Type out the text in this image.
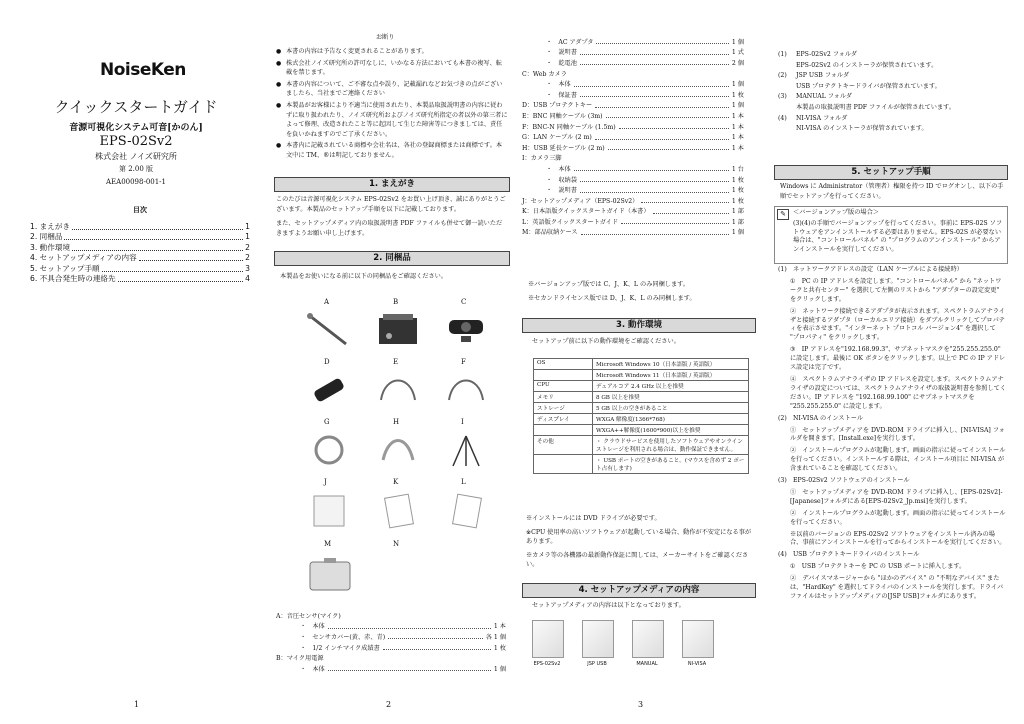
NoiseKen
クイックスタートガイド
音源可視化システム可音[かのん]
EPS-02Sv2
株式会社 ノイズ研究所
第 2.00 版
AEA00098-001-1
目次
1. まえがき	1
2. 同梱品	1
3. 動作環境	2
4. セットアップメディアの内容	2
5. セットアップ手順	3
6. 不具合発生時の連絡先	4
1
お断り
● 本書の内容は予告なく変更されることがあります。
● 株式会社ノイズ研究所の許可なしに、いかなる方法においても本書の複写、転載を禁じます。
● 本書の内容について、ご不審な点や誤り、記載漏れなどお気づきの点がございましたら、当社までご連絡ください
● 本製品がお客様により不適当に使用されたり、本製品取扱説明書の内容に従わずに取り扱われたり、ノイズ研究所およびノイズ研究所指定の者以外の第三者によって修理、改造されたこと等に起因して生じた障害等につきましては、責任を負いかねますのでご了承ください。
● 本書内に記載されている商標や会社名は、各社の登録商標または商標です。本文中に TM、®は明記しておりません。
1. まえがき
このたびは音源可視化システム EPS-02Sv2 をお買い上げ頂き、誠にありがとうございます。本製品のセットアップ手順を以下に記載しております。
また、セットアップメディア内の取扱説明書 PDF ファイルも併せて御一読いただきますようお願い申し上げます。
2. 同梱品
本製品をお使いになる前に以下の同梱品をご確認ください。
A	B	C
D	E	F
G	H	I
J	K	L
M	N
A：音圧センサ(マイク)
・　本体	1 本
・　センサカバー(黄、赤、青)	各 1 個
・　1/2 インチマイク成績書	1 枚
B：マイク用電源
・　本体	1 個
2
・　AC アダプタ	1 個
・　説明書	1 式
・　乾電池	2 個
C：Web カメラ
・　本体	1 個
・　保証書	1 枚
D：USB プロテクトキー	1 個
E：BNC 同軸ケーブル (3m)	1 本
F：BNC-N 同軸ケーブル (1.5m)	1 本
G：LAN ケーブル (2 m)	1 本
H：USB 延長ケーブル (2 m)	1 本
I：カメラ三脚
・　本体	1 台
・　収納袋	1 枚
・　説明書	1 枚
J：セットアップメディア（EPS-02Sv2）	1 枚
K：日本語版クイックスタートガイド（本書）	1 部
L：英語版クイックスタートガイド	1 部
M：部品収納ケース	1 個
※バージョンアップ版では C、J、K、L のみ同梱します。
※セカンドライセンス版では D、J、K、L のみ同梱します。
3. 動作環境
セットアップ前に以下の動作環境をご確認ください。
OS	Microsoft Windows 10（日本語版 / 英語版）
	Microsoft Windows 11（日本語版 / 英語版）
CPU	デュアルコア 2.4 GHz 以上を推奨
メモリ	8 GB 以上を推奨
ストレージ	5 GB 以上の空きがあること
ディスプレイ	WXGA 解像度(1366*768)
	WXGA++解像度(1600*900)以上を推奨
その他	・ クラウドサービスを使用したソフトウェアやオンラインストレージを利用される場合は、動作保証できません。
	・ USB ポートの空きがあること。(マウスを含めず 2 ポート占有します)
※インストールには DVD ドライブが必要です。
※CPU 使用率の高いソフトウェアが起動している場合、動作が不安定になる事があります。
※カメラ等の各機器の最新動作保証に関しては、メーカーサイトをご確認ください。
4. セットアップメディアの内容
セットアップメディアの内容は以下となっております。
EPS-02Sv2	JSP USB	MANUAL	NI-VISA
3
(1)	EPS-02Sv2 フォルダ
EPS-02Sv2 のインストーラが保管されています。
(2)	JSP USB フォルダ
USB プロテクトキードライバが保管されています。
(3)	MANUAL フォルダ
本製品の取扱説明書 PDF ファイルが保管されています。
(4)	NI-VISA フォルダ
NI-VISA のインストーラが保管されています。
5. セットアップ手順
Windows に Administrator（管理者）権限を持つ ID でログオンし、以下の手順でセットアップを行ってください。
✎	＜バージョンアップ版の場合＞
(3)(4)の手順でバージョンアップを行ってください。事前に EPS-02S ソフトウェアをアンインストールする必要はありません。EPS-02S が必要ない場合は、"コントロールパネル" の "プログラムのアンインストール" からアンインストールを実行してください。
(1)　ネットワークアドレスの設定（LAN ケーブルによる接続時）
①　PC の IP アドレスを設定します。"コントロールパネル" から "ネットワークと共有センター" を選択して左側のリストから "アダプターの設定変更" をクリックします。
②　ネットワーク接続できるアダプタが表示されます。スペクトラムアナライザと接続するアダプタ（ローカルエリア接続）をダブルクリックしてプロパティを表示させます。"インターネット プロトコル バージョン4" を選択して "プロパティ" をクリックします。
③　IP アドレスを"192.168.99.3"、サブネットマスクを"255.255.255.0" に設定します。最後に OK ボタンをクリックします。以上で PC の IP アドレス設定は完了です。
④　スペクトラムアナライザの IP アドレスを設定します。スペクトラムアナライザの設定については、スペクトラムアナライザの取扱説明書を参照してください。IP アドレスを "192.168.99.100" にサブネットマスクを "255.255.255.0" に設定します。
(2)　NI-VISA のインストール
①　セットアップメディアを DVD-ROM ドライブに挿入し、[NI-VISA] フォルダを開きます。[Install.exe]を実行します。
②　インストールプログラムが起動します。画面の指示に従ってインストールを行ってください。インストールする際は、インストール項目に NI-VISA が含まれていることを確認してください。
(3)　EPS-02Sv2 ソフトウェアのインストール
①　セットアップメディアを DVD-ROM ドライブに挿入し、[EPS-02Sv2]-[Japanese]フォルダにある[EPS-02Sv2_Jp.msi]を実行します。
②　インストールプログラムが起動します。画面の指示に従ってインストールを行ってください。
※以前のバージョンの EPS-02Sv2 ソフトウェアをインストール済みの場合、事前にアンインストールを行ってからインストールを実行してください。
(4)　USB プロテクトキードライバのインストール
①　USB プロテクトキーを PC の USB ポートに挿入します。
②　デバイスマネージャーから "ほかのデバイス" の "不明なデバイス" または、"HardKey" を選択してドライバのインストールを実行します。ドライバファイルはセットアップメディアの[JSP USB]フォルダにあります。
